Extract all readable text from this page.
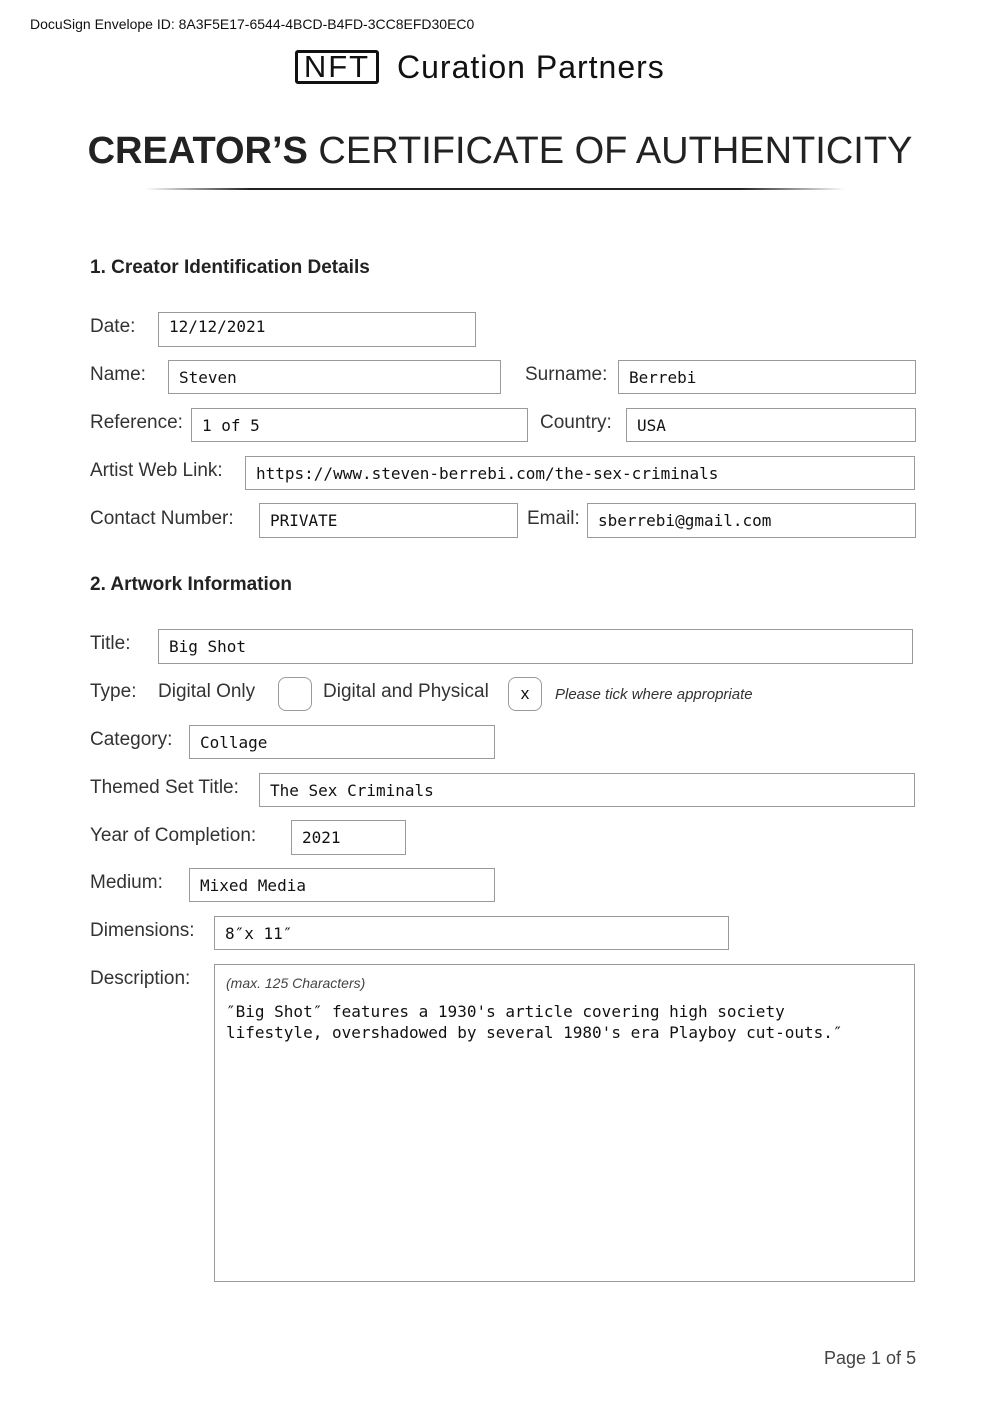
DocuSign Envelope ID: 8A3F5E17-6544-4BCD-B4FD-3CC8EFD30EC0
NFT Curation Partners
CREATOR’S CERTIFICATE OF AUTHENTICITY
1. Creator Identification Details
Date:	12/12/2021
Name:	Steven	Surname:	Berrebi
Reference:	1 of 5	Country:	USA
Artist Web Link:	https://www.steven-berrebi.com/the-sex-criminals
Contact Number:	PRIVATE	Email:	sberrebi@gmail.com
2. Artwork Information
Title:	Big Shot
Type: Digital Only	Digital and Physical	x	Please tick where appropriate
Category:	Collage
Themed Set Title:	The Sex Criminals
Year of Completion:	2021
Medium:	Mixed Media
Dimensions:	8″x 11″
Description:	(max. 125 Characters)
″Big Shot″ features a 1930's article covering high society lifestyle, overshadowed by several 1980's era Playboy cut-outs.″
Page 1 of 5
